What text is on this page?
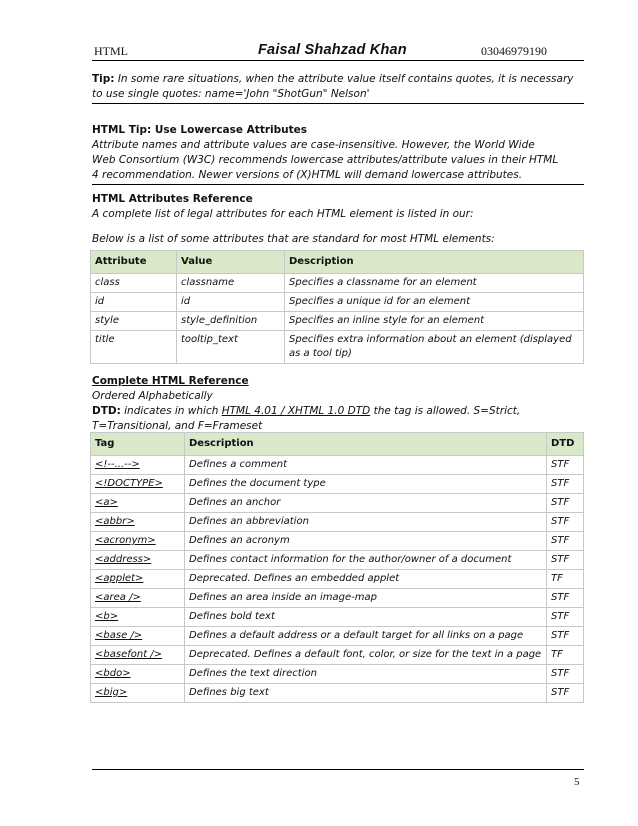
HTML	Faisal Shahzad Khan	03046979190

Tip: In some rare situations, when the attribute value itself contains quotes, it is necessary

to use single quotes: name='John "ShotGun" Nelson'

HTML Tip: Use Lowercase Attributes

Attribute names and attribute values are case-insensitive. However, the World Wide

Web Consortium (W3C) recommends lowercase attributes/attribute values in their HTML

4 recommendation. Newer versions of (X)HTML will demand lowercase attributes.

HTML Attributes Reference

A complete list of legal attributes for each HTML element is listed in our:

Below is a list of some attributes that are standard for most HTML elements:

Attribute	Value	Description
class	classname	Specifies a classname for an element
id	id	Specifies a unique id for an element
style	style_definition	Specifies an inline style for an element
title	tooltip_text	Specifies extra information about an element (displayed as a tool tip)

Complete HTML Reference

Ordered Alphabetically

DTD: indicates in which HTML 4.01 / XHTML 1.0 DTD the tag is allowed. S=Strict,

T=Transitional, and F=Frameset

Tag	Description	DTD
<!--...-->	Defines a comment	STF
<!DOCTYPE>	Defines the document type	STF
<a>	Defines an anchor	STF
<abbr>	Defines an abbreviation	STF
<acronym>	Defines an acronym	STF
<address>	Defines contact information for the author/owner of a document	STF
<applet>	Deprecated. Defines an embedded applet	TF
<area />	Defines an area inside an image-map	STF
<b>	Defines bold text	STF
<base />	Defines a default address or a default target for all links on a page	STF
<basefont />	Deprecated. Defines a default font, color, or size for the text in a page	TF
<bdo>	Defines the text direction	STF
<big>	Defines big text	STF
5
